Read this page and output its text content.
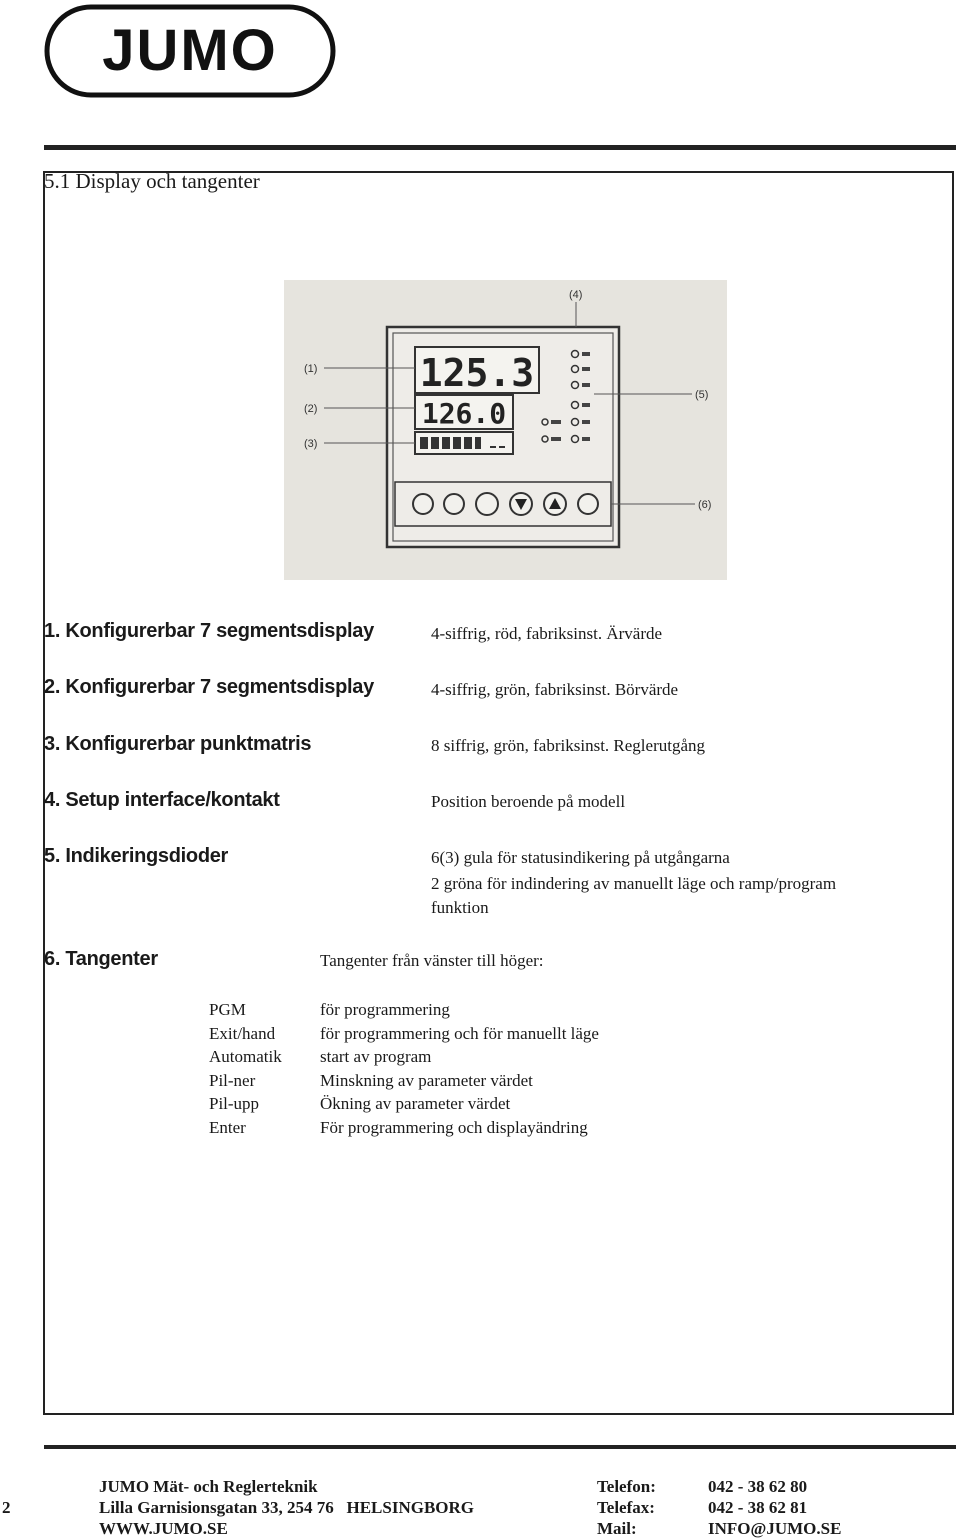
JUMO
5.1 Display och tangenter
125.3
126.0
(1)
(2)
(3)
(4)
(5)
(6)
1. Konfigurerbar 7 segmentsdisplay	4-siffrig, röd, fabriksinst. Ärvärde
2. Konfigurerbar 7 segmentsdisplay	4-siffrig, grön, fabriksinst. Börvärde
3. Konfigurerbar punktmatris	8 siffrig, grön, fabriksinst. Reglerutgång
4. Setup interface/kontakt	Position beroende på modell
5. Indikeringsdioder	6(3) gula för statusindikering på utgångarna
2 gröna för indindering av manuellt läge och ramp/program
funktion
6. Tangenter	Tangenter från vänster till höger:
PGM	för programmering
Exit/hand	för programmering och för manuellt läge
Automatik start av program
Pil-ner	Minskning av parameter värdet
Pil-upp	Ökning av parameter värdet
Enter	För programmering och displayändring
2
JUMO Mät- och Reglerteknik
Lilla Garnisionsgatan 33, 254 76   HELSINGBORG
WWW.JUMO.SE
Telefon:	042 - 38 62 80
Telefax:	042 - 38 62 81
Mail:	INFO@JUMO.SE
